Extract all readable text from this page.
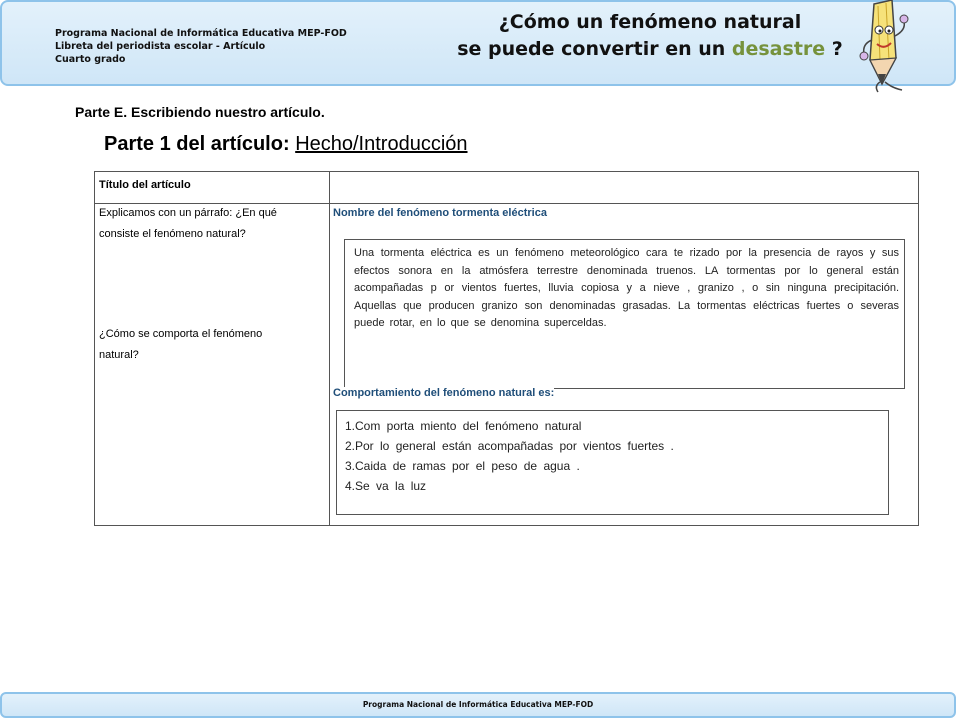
Programa Nacional de Informática Educativa MEP-FOD
Libreta del periodista escolar - Artículo
Cuarto grado
¿Cómo un fenómeno natural
se puede convertir en un desastre ?
Parte E. Escribiendo nuestro artículo.
Parte 1 del artículo: Hecho/Introducción
Título del artículo
Explicamos con un párrafo: ¿En qué
consiste el fenómeno natural?
¿Cómo se comporta el fenómeno
natural?
Nombre del fenómeno tormenta eléctrica
Una tormenta eléctrica es un fenómeno meteorológico cara te rizado por la presencia de rayos y sus efectos sonora en la atmósfera terrestre denominada truenos. LA tormentas por lo general están acompañadas p or vientos fuertes, lluvia copiosa y a nieve , granizo , o sin ninguna precipitación. Aquellas que producen granizo son denominadas grasadas. La tormentas eléctricas fuertes o severas puede rotar, en lo que se denomina superceldas.
Comportamiento del fenómeno natural es:
1.Com porta miento del fenómeno natural
2.Por lo general están acompañadas por vientos fuertes .
3.Caida de ramas por el peso de agua .
4.Se va la luz
Programa Nacional de Informática Educativa MEP-FOD
